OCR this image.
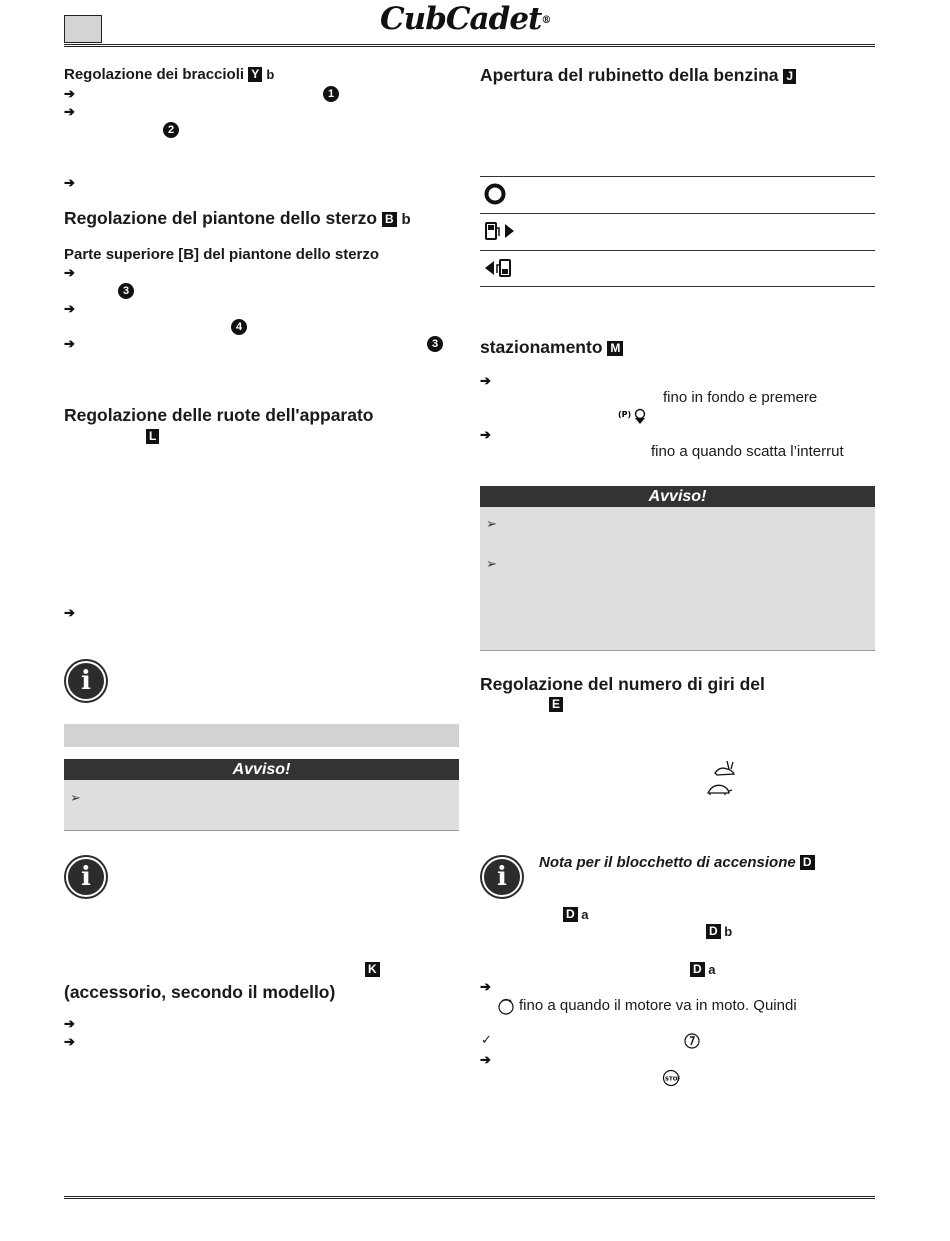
CubCadet®
Regolazione dei braccioli Y b
➔	1
➔
2
➔
Regolazione del piantone dello sterzo B b
Parte superiore [B] del piantone dello sterzo
➔
3
➔
4
➔	3
Regolazione delle ruote dell'apparato
L
➔
i
Avviso!
➢
i
K
(accessorio, secondo il modello)
➔
➔
Apertura del rubinetto della benzina J
stazionamento M
➔
fino in fondo e premere
(P)
➔
fino a quando scatta l’interrut
Avviso!
➢
➢
Regolazione del numero di giri del
E
i	Nota per il blocchetto di accensione D
D a
D b
D a
➔
fino a quando il motore va in moto. Quindi
✓
➔
STOP
